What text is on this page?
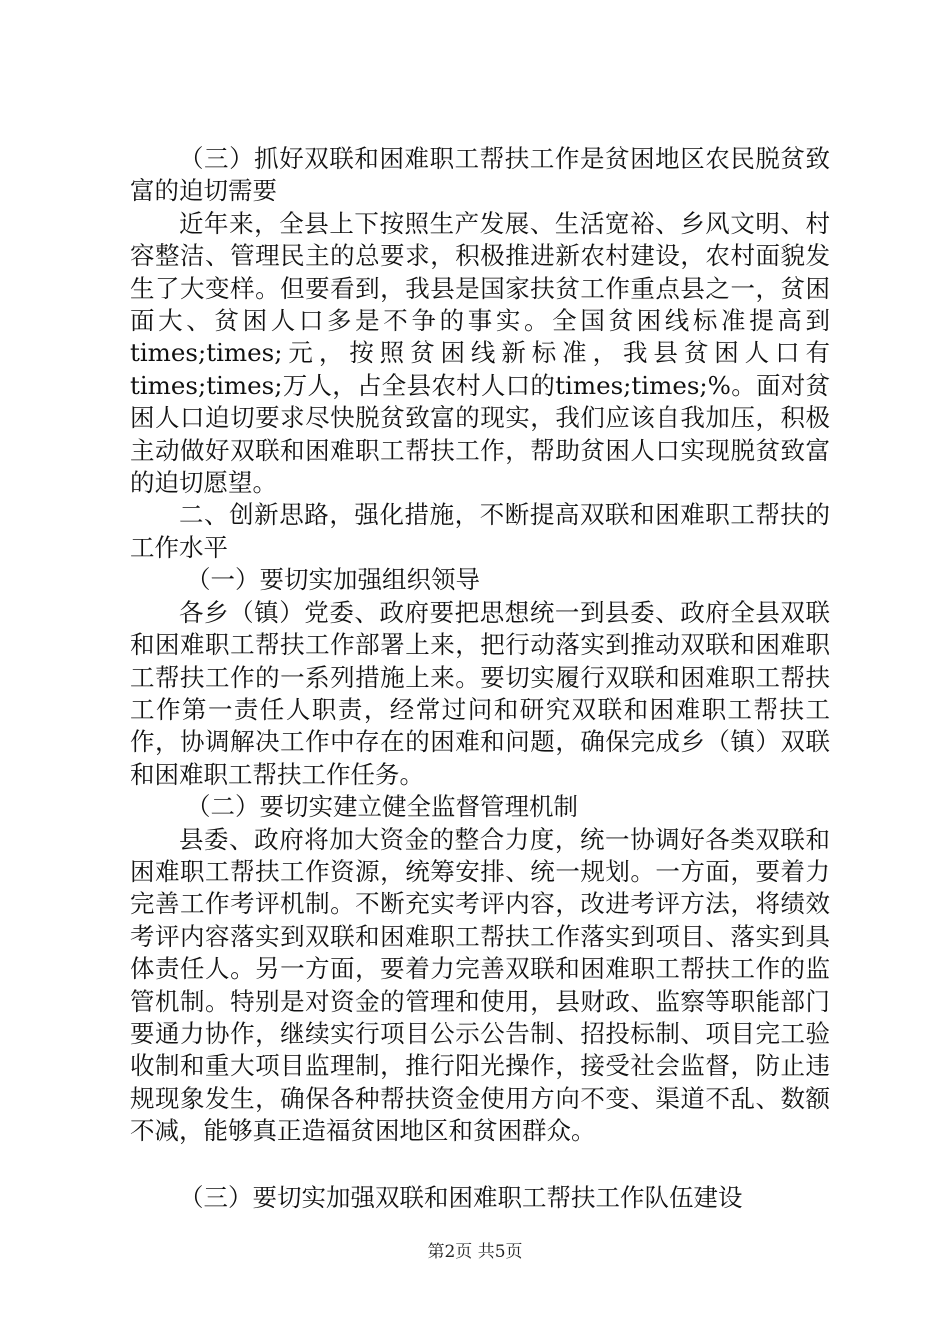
（三）抓好双联和困难职工帮扶工作是贫困地区农民脱贫致富的迫切需要

近年来，全县上下按照生产发展、生活宽裕、乡风文明、村容整洁、管理民主的总要求，积极推进新农村建设，农村面貌发生了大变样。但要看到，我县是国家扶贫工作重点县之一，贫困面大、贫困人口多是不争的事实。全国贫困线标准提高到times;times;元，按照贫困线新标准，我县贫困人口有times;times;万人，占全县农村人口的times;times;%。面对贫困人口迫切要求尽快脱贫致富的现实，我们应该自我加压，积极主动做好双联和困难职工帮扶工作，帮助贫困人口实现脱贫致富的迫切愿望。

二、创新思路，强化措施，不断提高双联和困难职工帮扶的工作水平

（一）要切实加强组织领导

各乡（镇）党委、政府要把思想统一到县委、政府全县双联和困难职工帮扶工作部署上来，把行动落实到推动双联和困难职工帮扶工作的一系列措施上来。要切实履行双联和困难职工帮扶工作第一责任人职责，经常过问和研究双联和困难职工帮扶工作，协调解决工作中存在的困难和问题，确保完成乡（镇）双联和困难职工帮扶工作任务。

（二）要切实建立健全监督管理机制

县委、政府将加大资金的整合力度，统一协调好各类双联和困难职工帮扶工作资源，统筹安排、统一规划。一方面，要着力完善工作考评机制。不断充实考评内容，改进考评方法，将绩效考评内容落实到双联和困难职工帮扶工作落实到项目、落实到具体责任人。另一方面，要着力完善双联和困难职工帮扶工作的监管机制。特别是对资金的管理和使用，县财政、监察等职能部门要通力协作，继续实行项目公示公告制、招投标制、项目完工验收制和重大项目监理制，推行阳光操作，接受社会监督，防止违规现象发生，确保各种帮扶资金使用方向不变、渠道不乱、数额不减，能够真正造福贫困地区和贫困群众。

（三）要切实加强双联和困难职工帮扶工作队伍建设

第2页 共5页
